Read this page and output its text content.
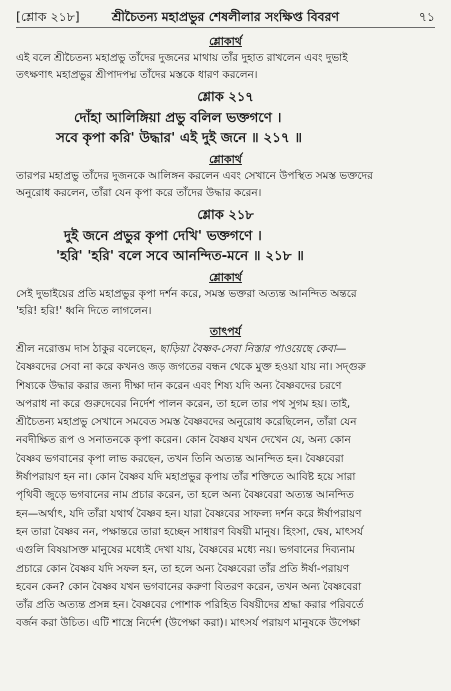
[শ্লোক ২১৮]	শ্রীচৈতন্য মহাপ্রভুর শেষলীলার সংক্ষিপ্ত বিবরণ	৭১

শ্লোকার্থ

এই বলে শ্রীচৈতন্য মহাপ্রভু তাঁদের দুজনের মাথায় তাঁর দুহাত রাখলেন এবং দুভাই
তৎক্ষণাৎ মহাপ্রভুর শ্রীপাদপদ্ম তাঁদের মস্তকে ধারণ করলেন।

শ্লোক ২১৭

দোঁহা আলিঙ্গিয়া প্রভু বলিল ভক্তগণে ।

সবে কৃপা করি' উদ্ধার' এই দুই জনে ॥ ২১৭ ॥

শ্লোকার্থ

তারপর মহাপ্রভু তাঁদের দুজনকে আলিঙ্গন করলেন এবং সেখানে উপস্থিত সমস্ত ভক্তদের
অনুরোধ করলেন, তাঁরা যেন কৃপা করে তাঁদের উদ্ধার করেন।

শ্লোক ২১৮

দুই জনে প্রভুর কৃপা দেখি' ভক্তগণে ।

'হরি' 'হরি' বলে সবে আনন্দিত-মনে ॥ ২১৮ ॥

শ্লোকার্থ

সেই দুভাইয়ের প্রতি মহাপ্রভুর কৃপা দর্শন করে, সমস্ত ভক্তরা অত্যন্ত আনন্দিত অন্তরে
'হরি! হরি!' ধ্বনি দিতে লাগলেন।

তাৎপর্য

শ্রীল নরোত্তম দাস ঠাকুর বলেছেন, ছাড়িয়া বৈষ্ণব-সেবা নিস্তার পাওয়েছে কেবা—
বৈষ্ণবদের সেবা না করে কখনও জড় জগতের বন্ধন থেকে মুক্ত হওয়া যায় না। সদ্গুরু
শিষ্যকে উদ্ধার করার জন্য দীক্ষা দান করেন এবং শিষ্য যদি অন্য বৈষ্ণবদের চরণে
অপরাধ না করে গুরুদেবের নির্দেশ পালন করেন, তা হলে তার পথ সুগম হয়। তাই,
শ্রীচৈতন্য মহাপ্রভু সেখানে সমবেত সমস্ত বৈষ্ণবদের অনুরোধ করেছিলেন, তাঁরা যেন
নবদীক্ষিত রূপ ও সনাতনকে কৃপা করেন। কোন বৈষ্ণব যখন দেখেন যে, অন্য কোন
বৈষ্ণব ভগবানের কৃপা লাভ করছেন, তখন তিনি অত্যন্ত আনন্দিত হন। বৈষ্ণবেরা
ঈর্ষাপরায়ণ হন না। কোন বৈষ্ণব যদি মহাপ্রভুর কৃপায় তাঁর শক্তিতে আবিষ্ট হয়ে সারা
পৃথিবী জুড়ে ভগবানের নাম প্রচার করেন, তা হলে অন্য বৈষ্ণবেরা অত্যন্ত আনন্দিত
হন—অর্থাৎ, যদি তাঁরা যথার্থ বৈষ্ণব হন। যারা বৈষ্ণবের সাফল্য দর্শন করে ঈর্ষাপরায়ণ
হন তারা বৈষ্ণব নন, পক্ষান্তরে তারা হচ্ছেন সাধারণ বিষয়ী মানুষ। হিংসা, দ্বেষ, মাৎসর্য
এগুলি বিষয়াসক্ত মানুষের মধ্যেই দেখা যায়, বৈষ্ণবের মধ্যে নয়। ভগবানের দিব্যনাম
প্রচারে কোন বৈষ্ণব যদি সফল হন, তা হলে অন্য বৈষ্ণবেরা তাঁর প্রতি ঈর্ষা-পরায়ণ
হবেন কেন? কোন বৈষ্ণব যখন ভগবানের করুণা বিতরণ করেন, তখন অন্য বৈষ্ণবেরা
তাঁর প্রতি অত্যন্ত প্রসন্ন হন। বৈষ্ণবের পোশাক পরিহিত বিষয়ীদের শ্রদ্ধা করার পরিবর্তে
বর্জন করা উচিত। এটি শাস্ত্রে নির্দেশ (উপেক্ষা করা)। মাৎসর্য পরায়ণ মানুষকে উপেক্ষা
